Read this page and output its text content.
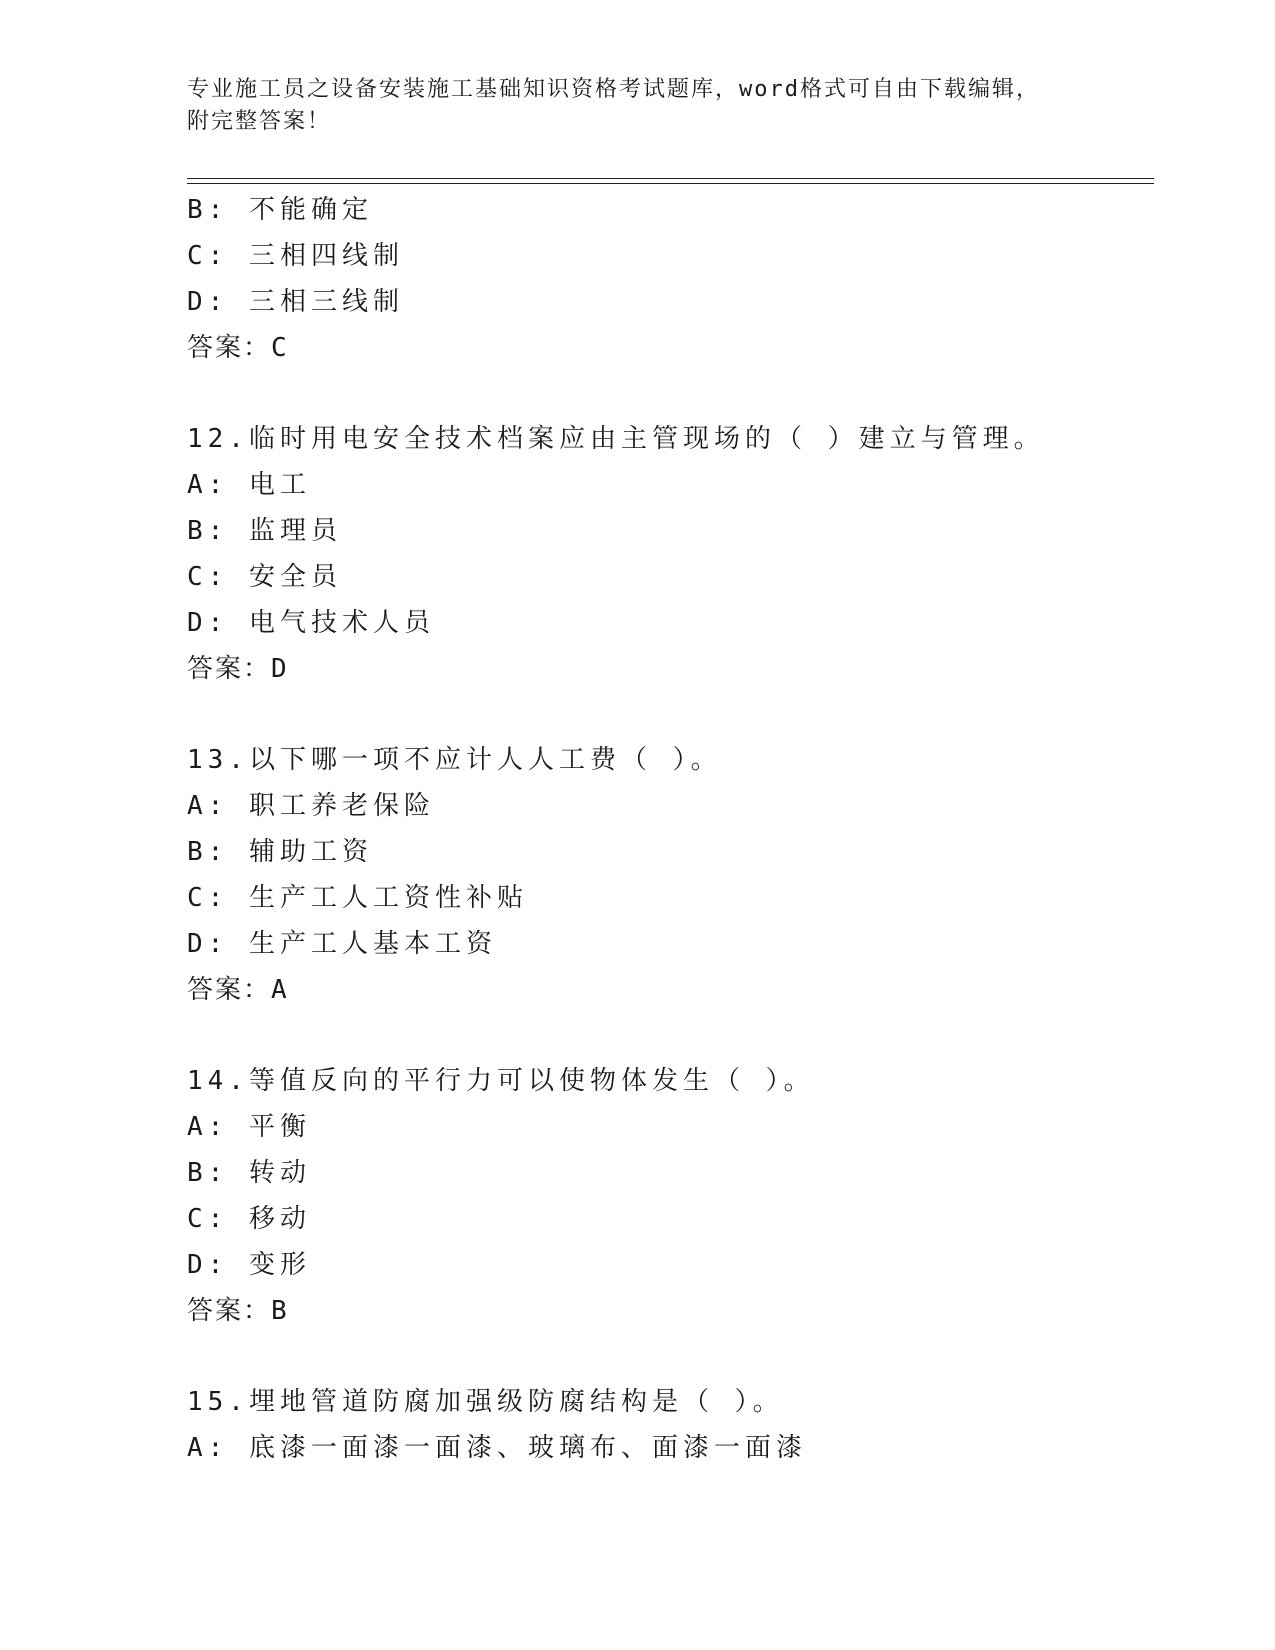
专业施工员之设备安装施工基础知识资格考试题库，word格式可自由下载编辑，
附完整答案！
B: 不能确定
C: 三相四线制
D: 三相三线制
答案：C
12.临时用电安全技术档案应由主管现场的（ ）建立与管理。
A: 电工
B: 监理员
C: 安全员
D: 电气技术人员
答案：D
13.以下哪一项不应计人人工费（ ）。
A: 职工养老保险
B: 辅助工资
C: 生产工人工资性补贴
D: 生产工人基本工资
答案：A
14.等值反向的平行力可以使物体发生（ ）。
A: 平衡
B: 转动
C: 移动
D: 变形
答案：B
15.埋地管道防腐加强级防腐结构是（ ）。
A: 底漆一面漆一面漆、玻璃布、面漆一面漆
